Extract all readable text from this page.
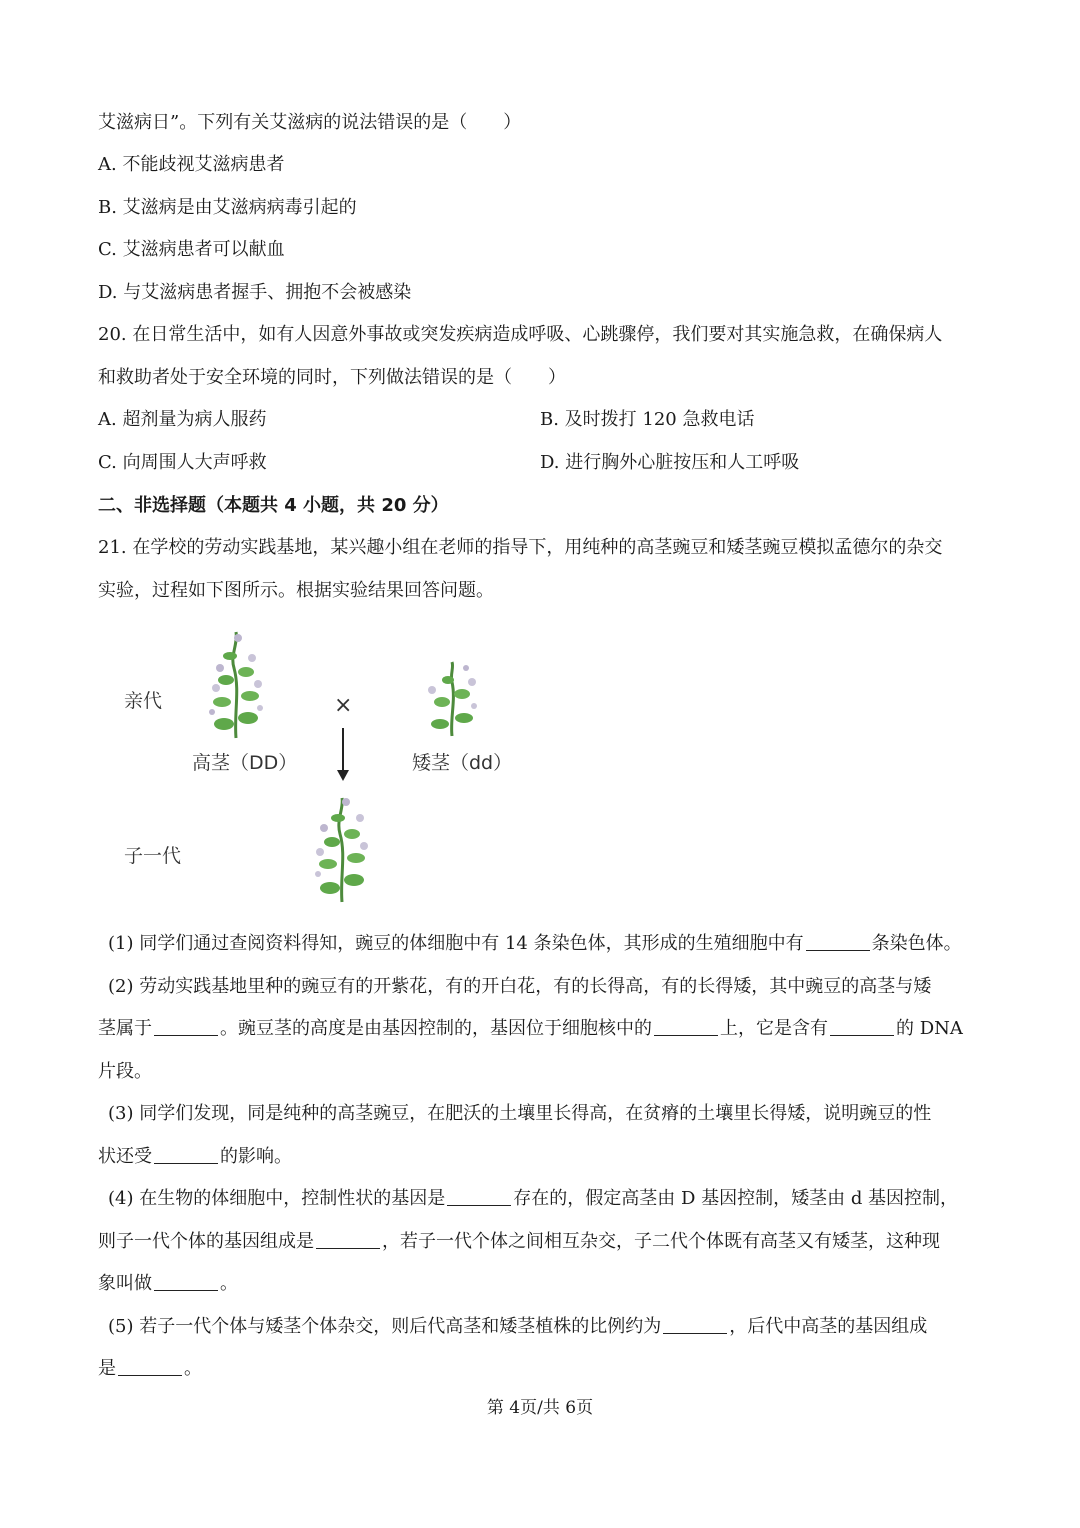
艾滋病日”。下列有关艾滋病的说法错误的是（　　）
A. 不能歧视艾滋病患者
B. 艾滋病是由艾滋病病毒引起的
C. 艾滋病患者可以献血
D. 与艾滋病患者握手、拥抱不会被感染
20. 在日常生活中，如有人因意外事故或突发疾病造成呼吸、心跳骤停，我们要对其实施急救，在确保病人
和救助者处于安全环境的同时，下列做法错误的是（　　）
A. 超剂量为病人服药	B. 及时拨打 120 急救电话
C. 向周围人大声呼救	D. 进行胸外心脏按压和人工呼吸
二、非选择题（本题共 4 小题，共 20 分）
21. 在学校的劳动实践基地，某兴趣小组在老师的指导下，用纯种的高茎豌豆和矮茎豌豆模拟孟德尔的杂交
实验，过程如下图所示。根据实验结果回答问题。
亲代
高茎（DD）
×
矮茎（dd）
子一代
(1) 同学们通过查阅资料得知，豌豆的体细胞中有 14 条染色体，其形成的生殖细胞中有	条染色体。
(2) 劳动实践基地里种的豌豆有的开紫花，有的开白花，有的长得高，有的长得矮，其中豌豆的高茎与矮
茎属于	。豌豆茎的高度是由基因控制的，基因位于细胞核中的	上，它是含有	的 DNA
片段。
(3) 同学们发现，同是纯种的高茎豌豆，在肥沃的土壤里长得高，在贫瘠的土壤里长得矮，说明豌豆的性
状还受	的影响。
(4) 在生物的体细胞中，控制性状的基因是	存在的，假定高茎由 D 基因控制，矮茎由 d 基因控制，
则子一代个体的基因组成是	，若子一代个体之间相互杂交，子二代个体既有高茎又有矮茎，这种现
象叫做	。
(5) 若子一代个体与矮茎个体杂交，则后代高茎和矮茎植株的比例约为	，后代中高茎的基因组成
是	。
第 4页/共 6页
